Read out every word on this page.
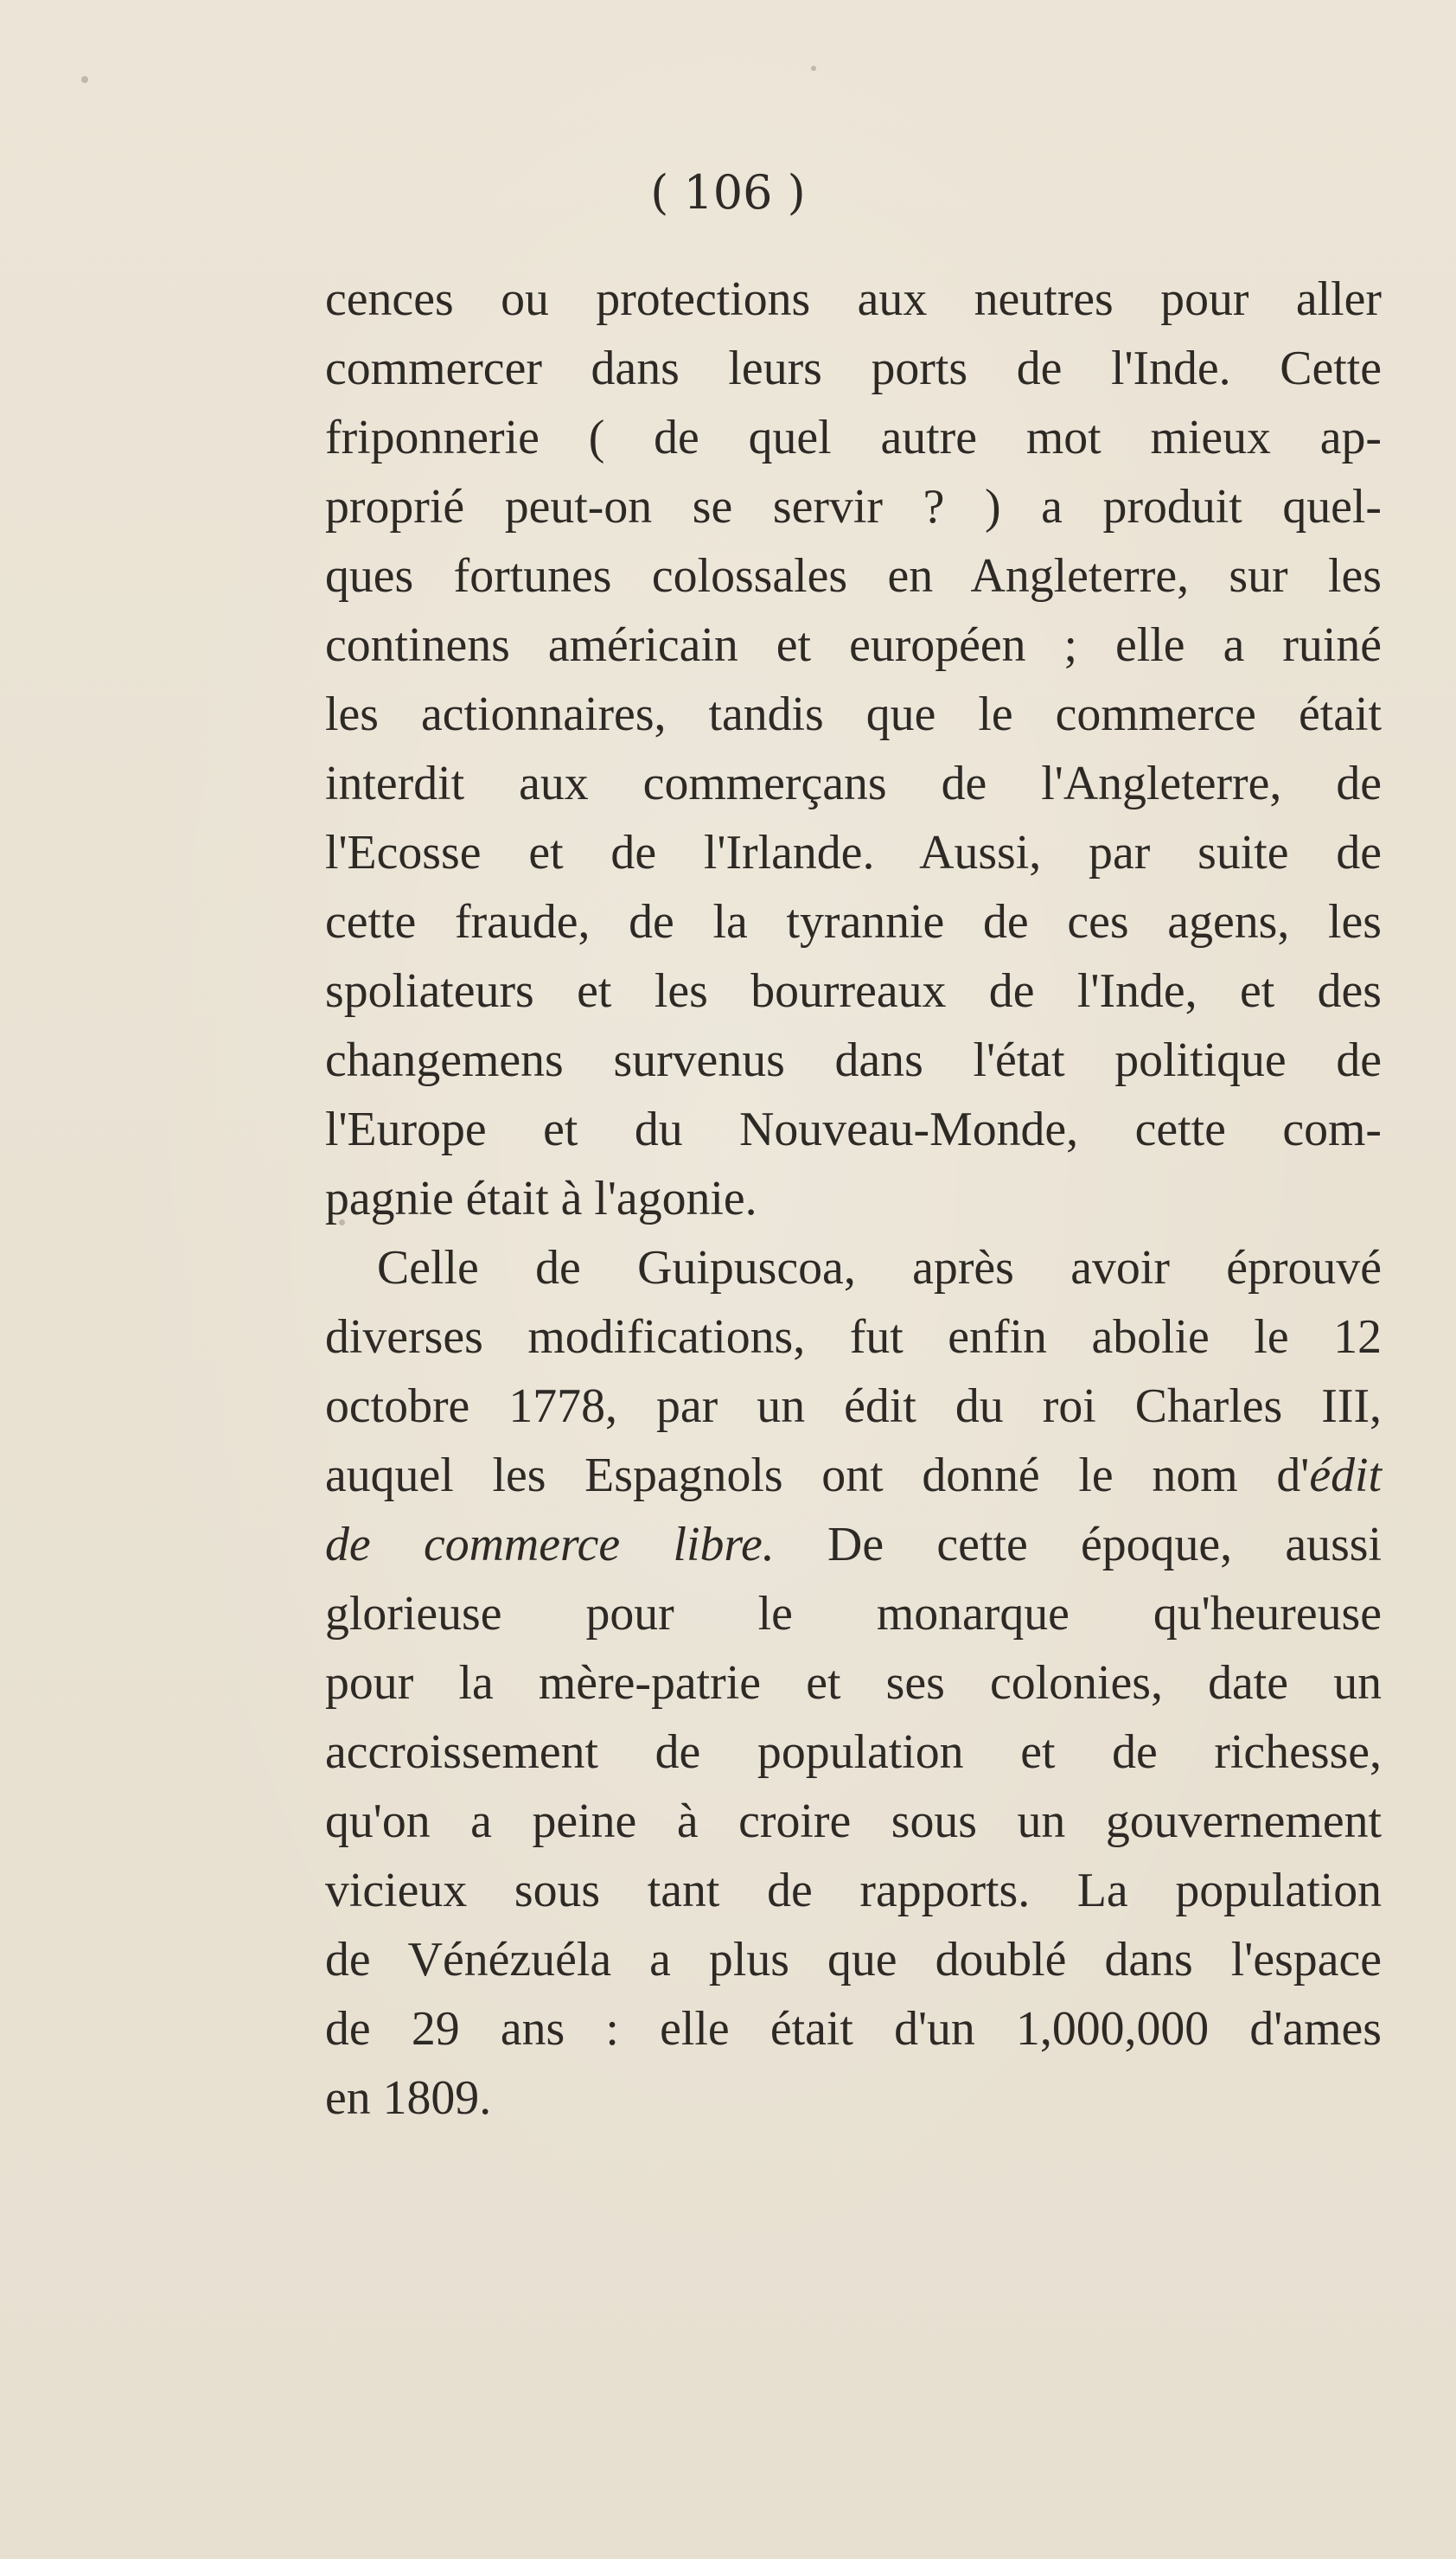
( 106 )
cences ou protections aux neutres pour aller
commercer dans leurs ports de l'Inde. Cette
friponnerie ( de quel autre mot mieux ap-
proprié peut-on se servir ? ) a produit quel-
ques fortunes colossales en Angleterre, sur les
continens américain et européen ; elle a ruiné
les actionnaires, tandis que le commerce était
interdit aux commerçans de l'Angleterre, de
l'Ecosse et de l'Irlande. Aussi, par suite de
cette fraude, de la tyrannie de ces agens, les
spoliateurs et les bourreaux de l'Inde, et des
changemens survenus dans l'état politique de
l'Europe et du Nouveau-Monde, cette com-
pagnie était à l'agonie.
Celle de Guipuscoa, après avoir éprouvé
diverses modifications, fut enfin abolie le 12
octobre 1778, par un édit du roi Charles III,
auquel les Espagnols ont donné le nom d'édit
de commerce libre. De cette époque, aussi
glorieuse pour le monarque qu'heureuse
pour la mère-patrie et ses colonies, date un
accroissement de population et de richesse,
qu'on a peine à croire sous un gouvernement
vicieux sous tant de rapports. La population
de Vénézuéla a plus que doublé dans l'espace
de 29 ans : elle était d'un 1,000,000 d'ames
en 1809.
